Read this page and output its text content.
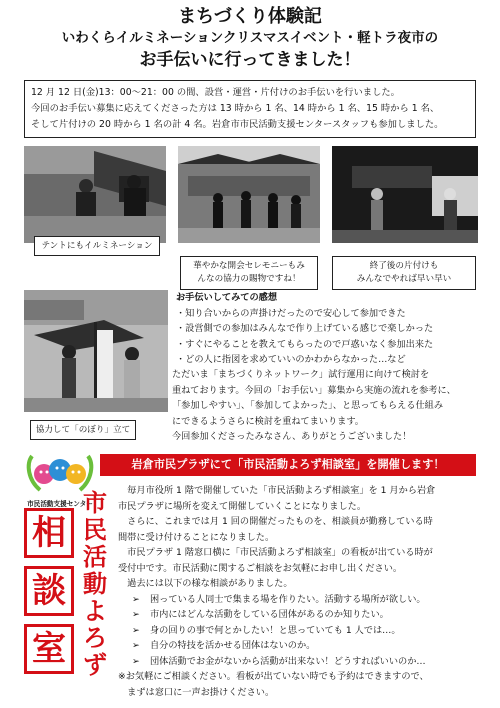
まちづくり体験記
いわくらイルミネーションクリスマスイベント・軽トラ夜市の
お手伝いに行ってきました！

12 月 12 日(金)13：00～21：00 の間、設営・運営・片付けのお手伝いを行いました。

今回のお手伝い募集に応えてくださった方は 13 時から 1 名、14 時から 1 名、15 時から 1 名、

そして片付けの 20 時から 1 名の計 4 名。岩倉市市民活動支援センタースタッフも参加しました。

テントにもイルミネーション
華やかな開会セレモニーもみ
んなの協力の賜物ですね！
終了後の片付けも
みんなでやれば早い早い
協力して「のぼり」立て
お手伝いしてみての感想
・知り合いからの声掛けだったので安心して参加できた
・設営側での参加はみんなで作り上げている感じで楽しかった
・すぐにやることを教えてもらったので戸惑いなく参加出来た
・どの人に指図を求めていいのかわからなかった…など

ただいま「まちづくりネットワーク」試行運用に向けて検討を

重ねております。今回の「お手伝い」募集から実施の流れを参考に、

「参加しやすい」、「参加してよかった」、と思ってもらえる仕組み

にできるようさらに検討を重ねてまいります。

今回参加くださったみなさん、ありがとうございました！

市民活動支援センター
岩倉市民プラザにて「市民活動よろず相談室」を開催します！
相
談
室
市
民
活
動
よ
ろ
ず

　毎月市役所 1 階で開催していた「市民活動よろず相談室」を 1 月から岩倉

市民プラザに場所を変えて開催していくことになりました。

　さらに、これまでは月 1 回の開催だったものを、相談員が勤務している時

間帯に受け付けることになりました。

　市民プラザ 1 階窓口横に「市民活動よろず相談室」の看板が出ている時が

受付中です。市民活動に関するご相談をお気軽にお申し出ください。

　過去には以下の様な相談がありました。

➢ 困っている人同士で集まる場を作りたい。活動する場所が欲しい。
➢ 市内にはどんな活動をしている団体があるのか知りたい。
➢ 身の回りの事で何とかしたい！と思っていても 1 人では…。
➢ 自分の特技を活かせる団体はないのか。
➢ 団体活動でお金がないから活動が出来ない！どうすればいいのか…

※お気軽にご相談ください。看板が出ていない時でも予約はできますので、

　まずは窓口に一声お掛けください。
